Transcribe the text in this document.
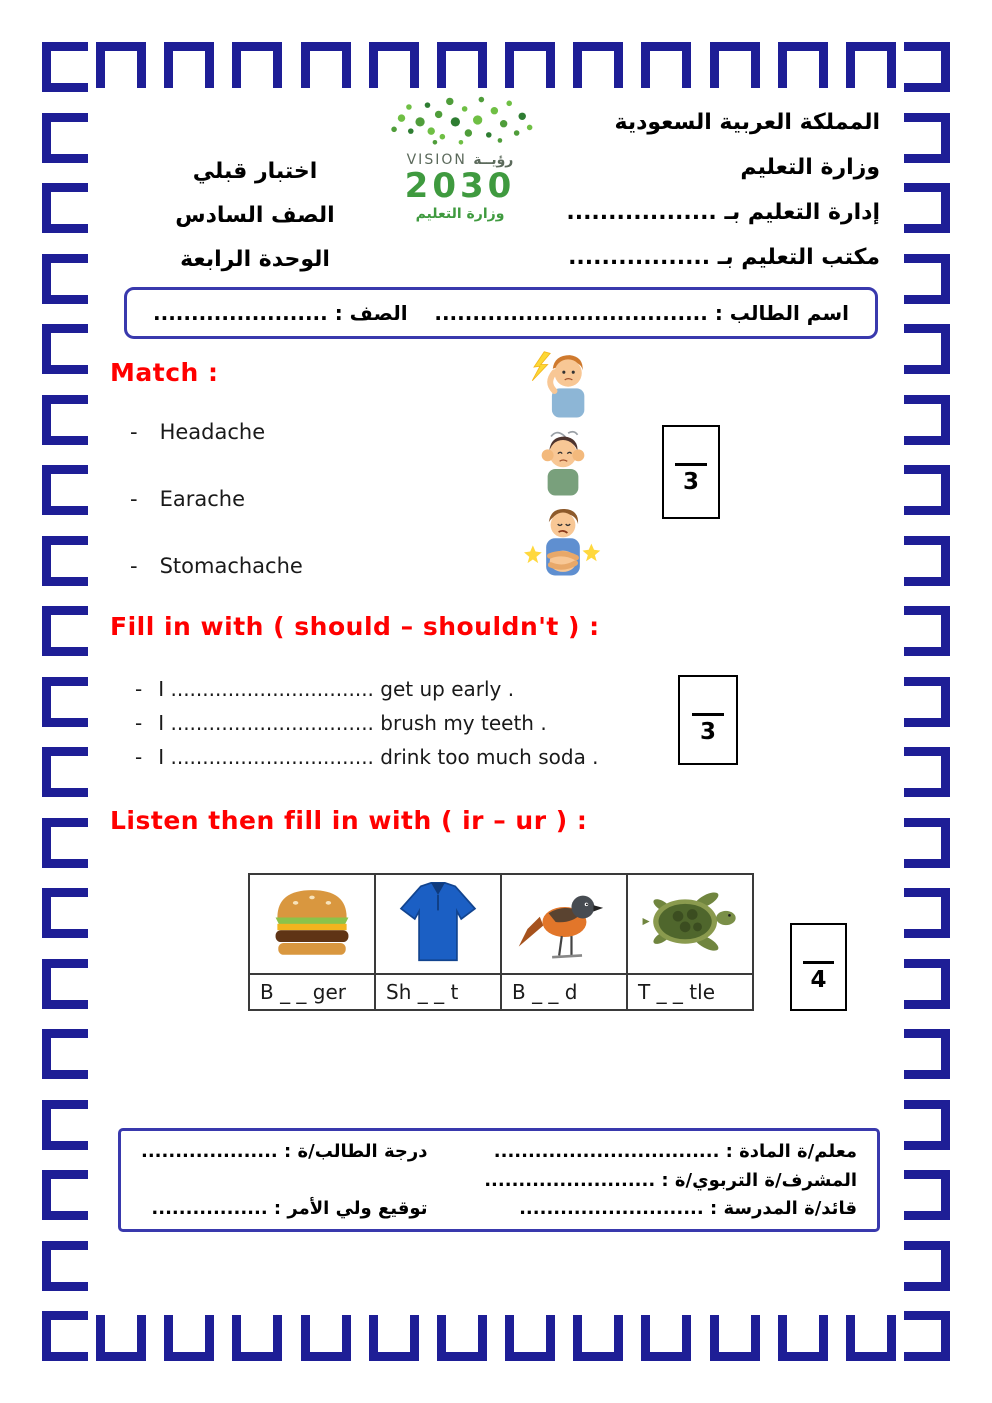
المملكة العربية السعودية
وزارة التعليم
إدارة التعليم بـ ..................
مكتب التعليم بـ .................
اختبار قبلي
الصف السادس
الوحدة الرابعة
VISION رؤيــة
2030
وزارة التعليم
اسم الطالب : ....................................
الصف : .......................
Match :
- Headache
- Earache
- Stomachache
3
Fill in with ( should – shouldn't ) :
- I ................................ get up early .
- I ................................ brush my teeth .
- I ................................ drink too much soda .
3
Listen then fill in with ( ir – ur ) :

B _ _ ger	Sh _ _ t	B _ _ d	T _ _ tle	4
معلم/ة المادة : .................................
المشرف/ة التربوي/ة : .........................
قائد/ة المدرسة : ...........................
درجة الطالب/ة : ....................
توقيع ولي الأمر : .................
